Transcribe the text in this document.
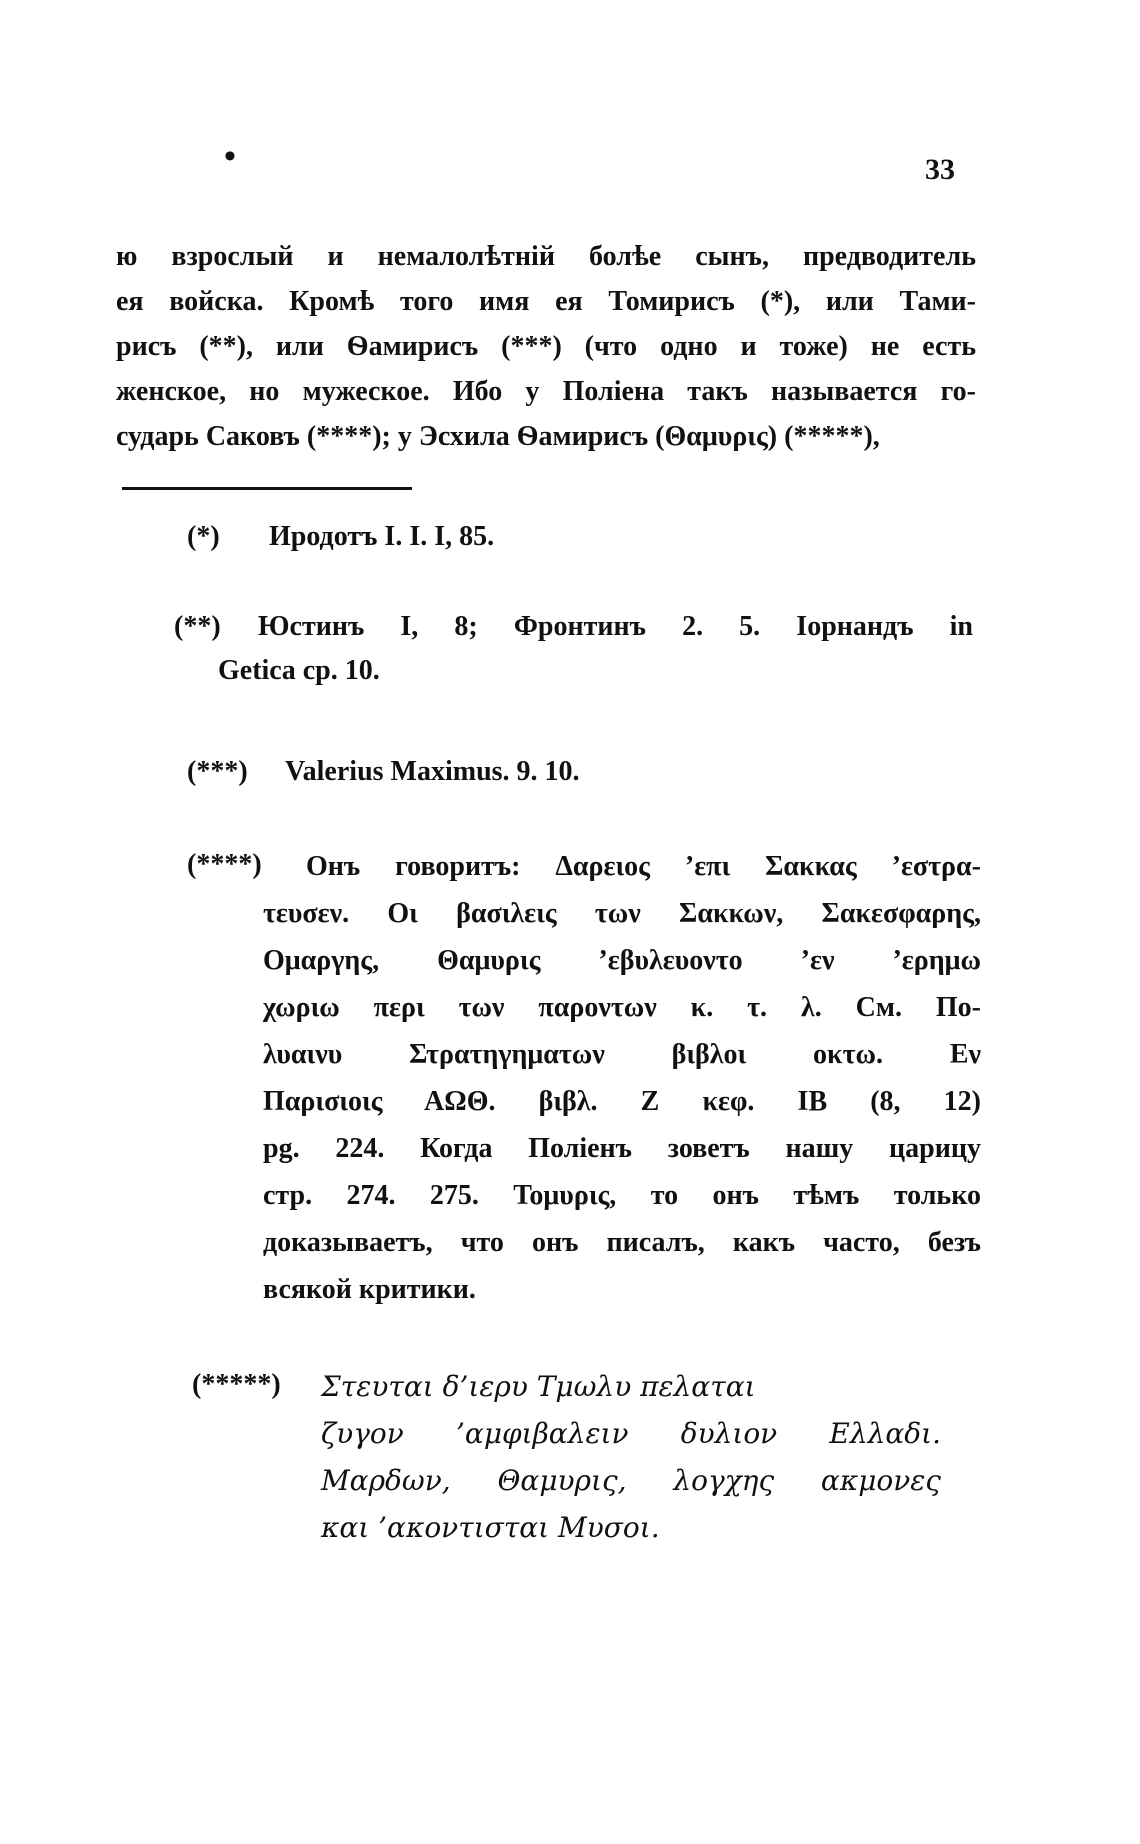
•	33
ю взрослый и немалолѣтній болѣе сынъ, предводитель
ея войска. Кромѣ того имя ея Томирисъ (*), или Тами-
рисъ (**), или Ѳамирисъ (***) (что одно и тоже) не есть
женское, но мужеское. Ибо у Поліена такъ называется го-
сударь Саковъ (****); у Эсхила Ѳамирисъ (Θαμυρις) (*****),
(*) Иродотъ I. I. I, 85.
(**) Юстинъ I, 8; Фронтинъ 2. 5. Іорнандъ in
Getica cp. 10.
(***) Valerius Maximus. 9. 10.
(****) Онъ говоритъ: Δαρειος ’επι Σακκας ’εστρα-
τευσεν. Οι βασιλεις των Σακκων, Σακεσφαρης,
Ομαργης, Θαμυρις ’εβυλευοντο ’εν ’ερημω
χωριω περι των παροντων κ. τ. λ. См. По-
λυαινυ Στρατηγηματων βιβλοι οκτω. Εν
Παρισιοις ΑΩΘ. βιβλ. Ζ κεφ. ΙΒ (8, 12)
pg. 224. Когда Поліенъ зоветъ нашу царицу
стр. 274. 275. Τομυρις, то онъ тѣмъ только
доказываетъ, что онъ писалъ, какъ часто, безъ
всякой критики.
(*****) Στευται δ’ιερυ Τμωλυ πελαται
ζυγον ’αμφιβαλειν δυλιον Ελλαδι.
Μαρδων, Θαμυρις, λογχης ακμονες
και ’ακοντισται Μυσοι.
